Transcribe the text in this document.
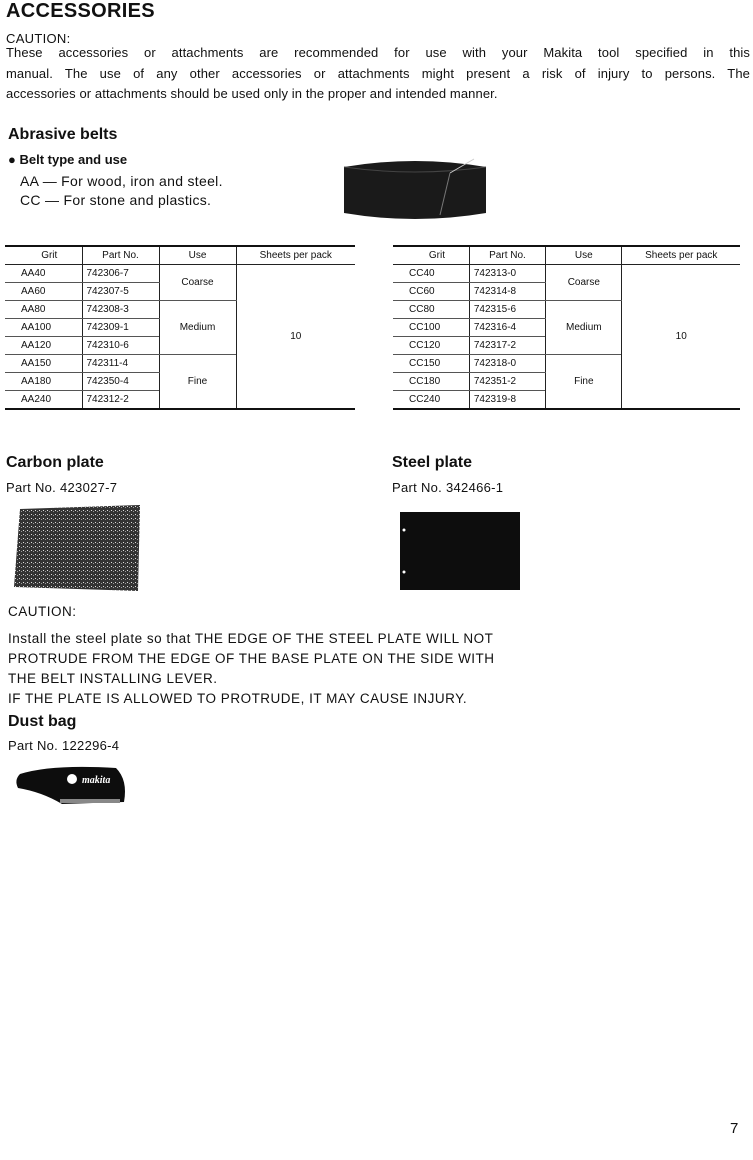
ACCESSORIES
CAUTION:
These accessories or attachments are recommended for use with your Makita tool specified in this
manual. The use of any other accessories or attachments might present a risk of injury to persons. The
accessories or attachments should be used only in the proper and intended manner.
Abrasive belts
● Belt type and use
AA — For wood, iron and steel.
CC — For stone and plastics.
Grit	Part No.	Use	Sheets per pack
AA40	742306-7	Coarse	10
AA60	742307-5		
AA80	742308-3	Medium	
AA100	742309-1		
AA120	742310-6		
AA150	742311-4	Fine	
AA180	742350-4		
AA240	742312-2		
Grit	Part No.	Use	Sheets per pack
CC40	742313-0	Coarse	10
CC60	742314-8		
CC80	742315-6	Medium	
CC100	742316-4		
CC120	742317-2		
CC150	742318-0	Fine	
CC180	742351-2		
CC240	742319-8		
Carbon plate
Part No. 423027-7
Steel plate
Part No. 342466-1
CAUTION:
Install the steel plate so that THE EDGE OF THE STEEL PLATE WILL NOT
PROTRUDE FROM THE EDGE OF THE BASE PLATE ON THE SIDE WITH
THE BELT INSTALLING LEVER.
IF THE PLATE IS ALLOWED TO PROTRUDE, IT MAY CAUSE INJURY.
Dust bag
Part No. 122296-4
makita
7
